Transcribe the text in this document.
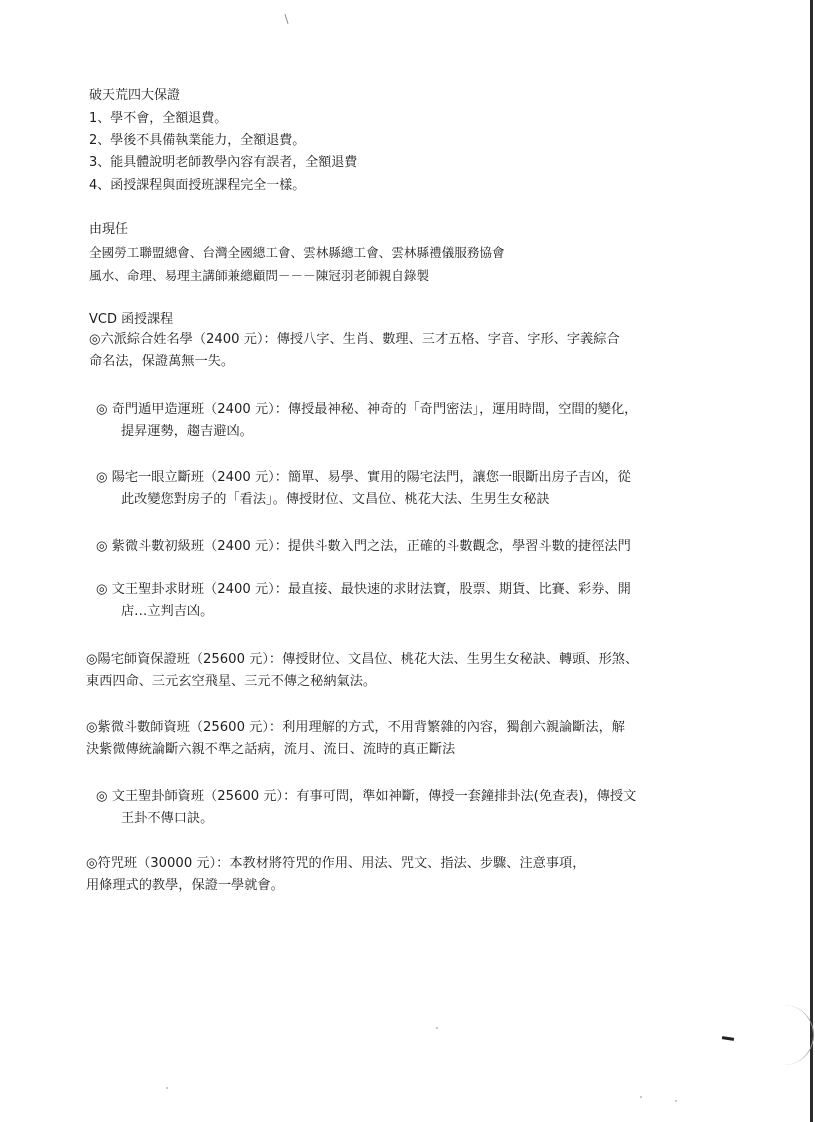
破天荒四大保證
1、學不會，全額退費。
2、學後不具備執業能力，全額退費。
3、能具體說明老師教學內容有誤者，全額退費
4、函授課程與面授班課程完全一樣。
由現任
全國勞工聯盟總會、台灣全國總工會、雲林縣總工會、雲林縣禮儀服務協會
風水、命理、易理主講師兼總顧問－－－陳冠羽老師親自錄製
VCD 函授課程
◎六派綜合姓名學（2400 元）：傳授八字、生肖、數理、三才五格、字音、字形、字義綜合
命名法，保證萬無一失。
◎ 奇門遁甲造運班（2400 元）：傳授最神秘、神奇的「奇門密法」，運用時間，空間的變化，
提昇運勢，趨吉避凶。
◎ 陽宅一眼立斷班（2400 元）：簡單、易學、實用的陽宅法門，讓您一眼斷出房子吉凶，從
此改變您對房子的「看法」。傳授財位、文昌位、桃花大法、生男生女秘訣
◎ 紫微斗數初級班（2400 元）：提供斗數入門之法，正確的斗數觀念，學習斗數的捷徑法門
◎ 文王聖卦求財班（2400 元）：最直接、最快速的求財法寶，股票、期貨、比賽、彩券、開
店…立判吉凶。
◎陽宅師資保證班（25600 元）：傳授財位、文昌位、桃花大法、生男生女秘訣、轉頭、形煞、
東西四命、三元玄空飛星、三元不傳之秘納氣法。
◎紫微斗數師資班（25600 元）：利用理解的方式，不用背繁雜的內容，獨創六親論斷法，解
決紫微傳統論斷六親不準之話病，流月、流日、流時的真正斷法
◎ 文王聖卦師資班（25600 元）：有事可問，準如神斷，傳授一套鐘排卦法(免查表)，傳授文
王卦不傳口訣。
◎符咒班（30000 元）：本教材將符咒的作用、用法、咒文、指法、步驟、注意事項，
用條理式的教學，保證一學就會。
